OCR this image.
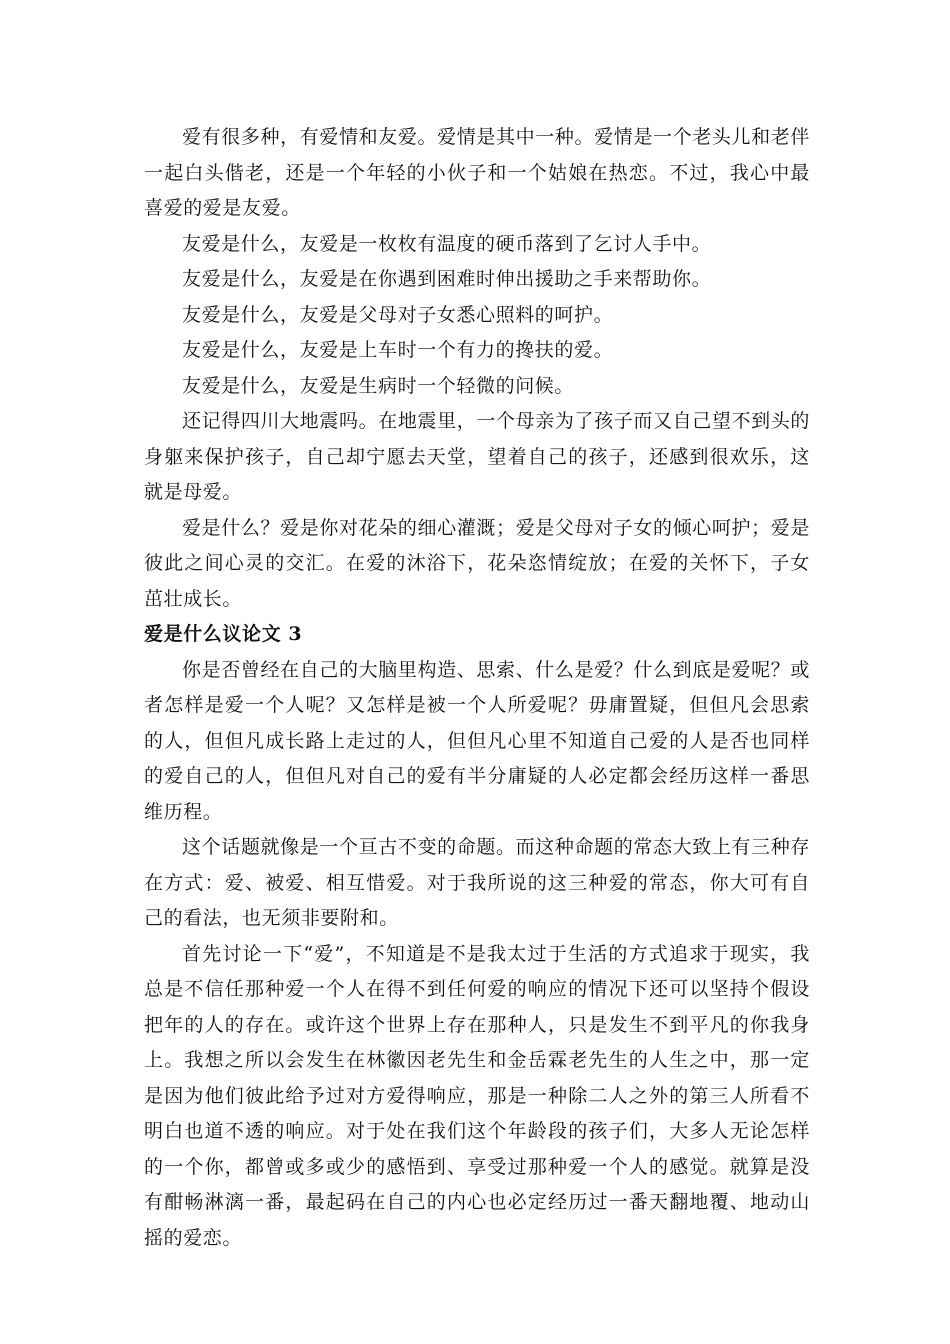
爱有很多种，有爱情和友爱。爱情是其中一种。爱情是一个老头儿和老伴一起白头偕老，还是一个年轻的小伙子和一个姑娘在热恋。不过，我心中最喜爱的爱是友爱。

友爱是什么，友爱是一枚枚有温度的硬币落到了乞讨人手中。

友爱是什么，友爱是在你遇到困难时伸出援助之手来帮助你。

友爱是什么，友爱是父母对子女悉心照料的呵护。

友爱是什么，友爱是上车时一个有力的搀扶的爱。

友爱是什么，友爱是生病时一个轻微的问候。

还记得四川大地震吗。在地震里，一个母亲为了孩子而又自己望不到头的身躯来保护孩子，自己却宁愿去天堂，望着自己的孩子，还感到很欢乐，这就是母爱。

爱是什么？爱是你对花朵的细心灌溉；爱是父母对子女的倾心呵护；爱是彼此之间心灵的交汇。在爱的沐浴下，花朵恣情绽放；在爱的关怀下，子女茁壮成长。

爱是什么议论文 3

你是否曾经在自己的大脑里构造、思索、什么是爱？什么到底是爱呢？或者怎样是爱一个人呢？又怎样是被一个人所爱呢？毋庸置疑，但但凡会思索的人，但但凡成长路上走过的人，但但凡心里不知道自己爱的人是否也同样的爱自己的人，但但凡对自己的爱有半分庸疑的人必定都会经历这样一番思维历程。

这个话题就像是一个亘古不变的命题。而这种命题的常态大致上有三种存在方式：爱、被爱、相互惜爱。对于我所说的这三种爱的常态，你大可有自己的看法，也无须非要附和。

首先讨论一下“爱”，不知道是不是我太过于生活的方式追求于现实，我总是不信任那种爱一个人在得不到任何爱的响应的情况下还可以坚持个假设把年的人的存在。或许这个世界上存在那种人，只是发生不到平凡的你我身上。我想之所以会发生在林徽因老先生和金岳霖老先生的人生之中，那一定是因为他们彼此给予过对方爱得响应，那是一种除二人之外的第三人所看不明白也道不透的响应。对于处在我们这个年龄段的孩子们，大多人无论怎样的一个你，都曾或多或少的感悟到、享受过那种爱一个人的感觉。就算是没有酣畅淋漓一番，最起码在自己的内心也必定经历过一番天翻地覆、地动山摇的爱恋。
